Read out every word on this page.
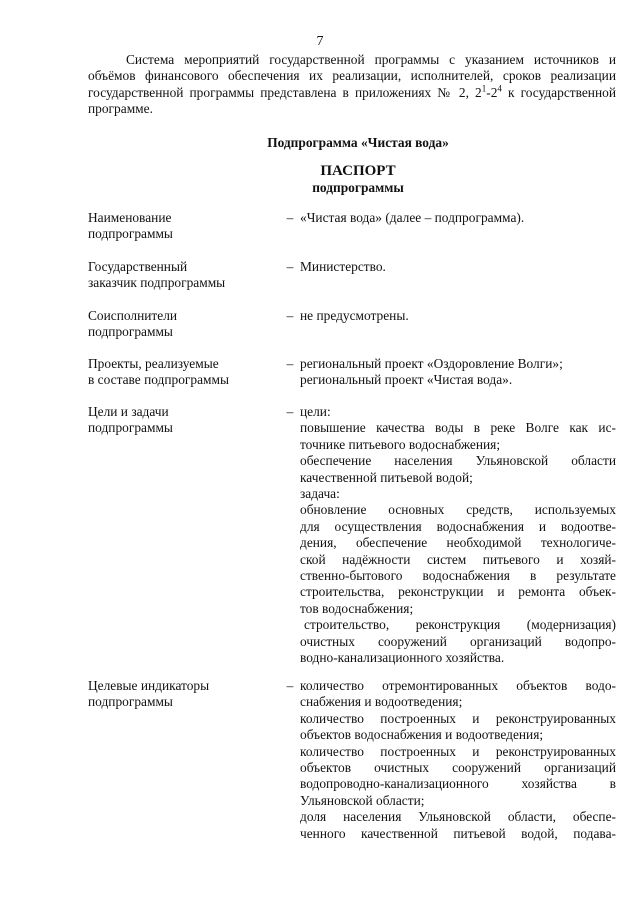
7
Система мероприятий государственной программы с указанием источников и объёмов финансового обеспечения их реализации, исполнителей, сроков реализации государственной программы представлена в приложениях № 2, $2^1-2^4$ к государственной программе.
Подпрограмма «Чистая вода»
ПАСПОРТ
подпрограммы
Наименование
подпрограммы
– «Чистая вода» (далее – подпрограмма).
Государственный
заказчик подпрограммы
– Министерство.
Соисполнители
подпрограммы
– не предусмотрены.
Проекты, реализуемые
в составе подпрограммы
– региональный проект «Оздоровление Волги»;
региональный проект «Чистая вода».
Цели и задачи
подпрограммы
– цели:
повышение качества воды в реке Волге как ис-
точнике питьевого водоснабжения;
обеспечение населения Ульяновской области
качественной питьевой водой;
задача:
обновление основных средств, используемых
для осуществления водоснабжения и водоотве-
дения, обеспечение необходимой технологиче-
ской надёжности систем питьевого и хозяй-
ственно-бытового водоснабжения в результате
строительства, реконструкции и ремонта объек-
тов водоснабжения;
строительство, реконструкция (модернизация)
очистных сооружений организаций водопро-
водно-канализационного хозяйства.
Целевые индикаторы
подпрограммы
– количество отремонтированных объектов водо-
снабжения и водоотведения;
количество построенных и реконструированных
объектов водоснабжения и водоотведения;
количество построенных и реконструированных
объектов очистных сооружений организаций
водопроводно-канализационного хозяйства в
Ульяновской области;
доля населения Ульяновской области, обеспе-
ченного качественной питьевой водой, подава-
